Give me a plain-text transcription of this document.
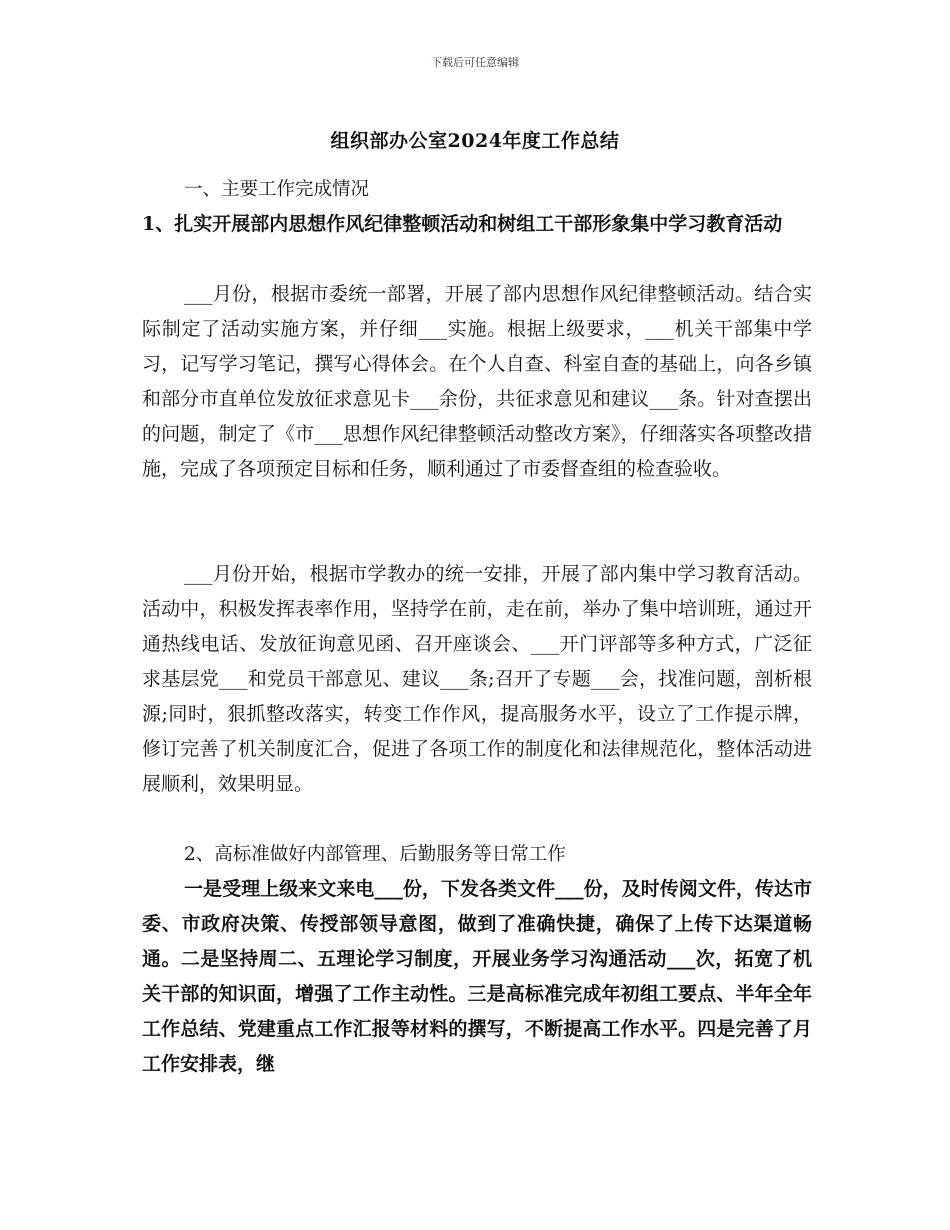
下载后可任意编辑
组织部办公室2024年度工作总结

一、主要工作完成情况

1、扎实开展部内思想作风纪律整顿活动和树组工干部形象集中学习教育活动

___月份，根据市委统一部署，开展了部内思想作风纪律整顿活动。结合实际制定了活动实施方案，并仔细___实施。根据上级要求，___机关干部集中学习，记写学习笔记，撰写心得体会。在个人自查、科室自查的基础上，向各乡镇和部分市直单位发放征求意见卡___余份，共征求意见和建议___条。针对查摆出的问题，制定了《市___思想作风纪律整顿活动整改方案》，仔细落实各项整改措施，完成了各项预定目标和任务，顺利通过了市委督查组的检查验收。

___月份开始，根据市学教办的统一安排，开展了部内集中学习教育活动。活动中，积极发挥表率作用，坚持学在前，走在前，举办了集中培训班，通过开通热线电话、发放征询意见函、召开座谈会、___开门评部等多种方式，广泛征求基层党___和党员干部意见、建议___条;召开了专题___会，找准问题，剖析根源;同时，狠抓整改落实，转变工作作风，提高服务水平，设立了工作提示牌，修订完善了机关制度汇合，促进了各项工作的制度化和法律规范化，整体活动进展顺利，效果明显。

2、高标准做好内部管理、后勤服务等日常工作

一是受理上级来文来电___份，下发各类文件___份，及时传阅文件，传达市委、市政府决策、传授部领导意图，做到了准确快捷，确保了上传下达渠道畅通。二是坚持周二、五理论学习制度，开展业务学习沟通活动___次，拓宽了机关干部的知识面，增强了工作主动性。三是高标准完成年初组工要点、半年全年工作总结、党建重点工作汇报等材料的撰写，不断提高工作水平。四是完善了月工作安排表，继
